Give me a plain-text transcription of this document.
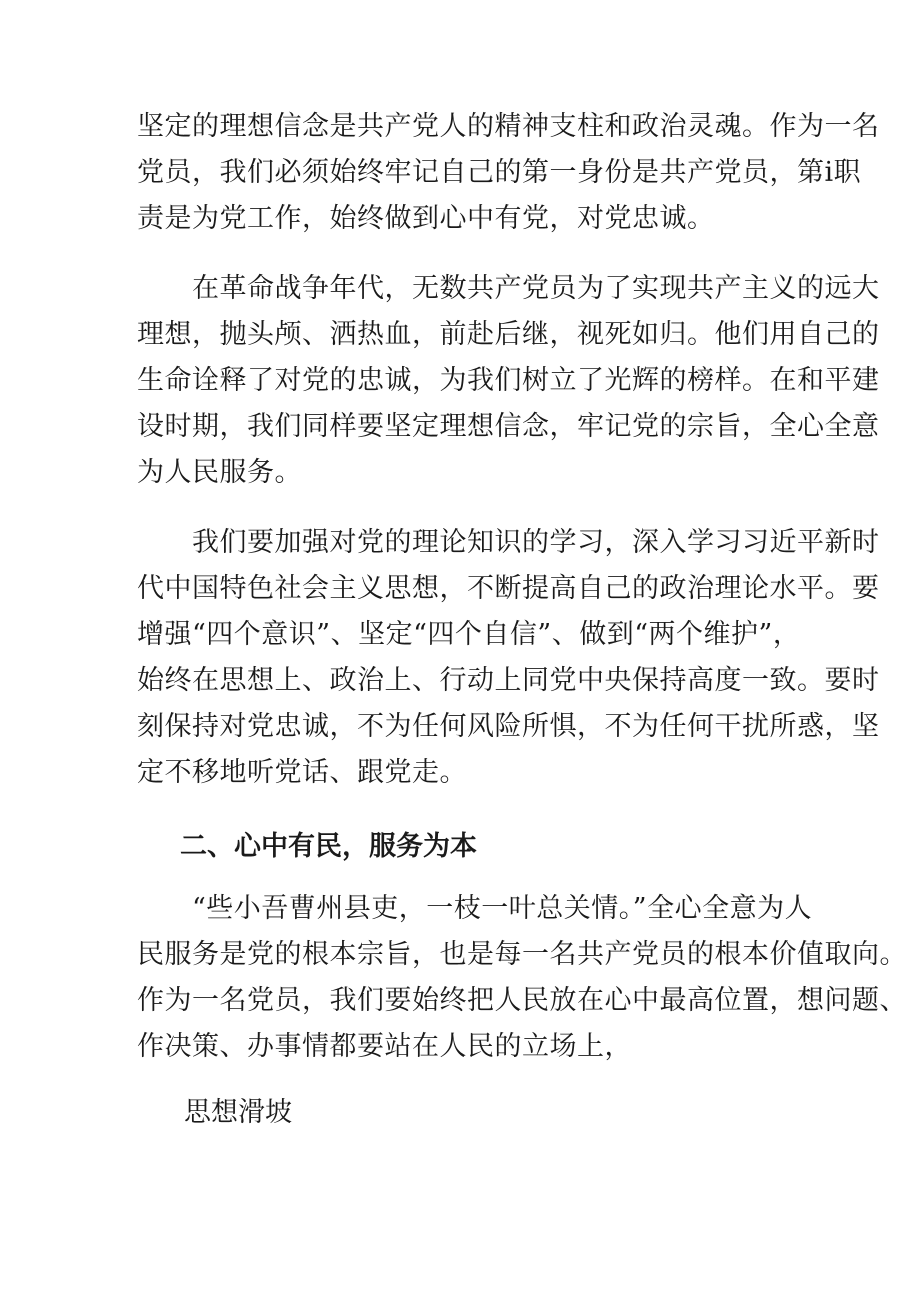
坚定的理想信念是共产党人的精神支柱和政治灵魂。作为一名
党员，我们必须始终牢记自己的第一身份是共产党员，第i职
责是为党工作，始终做到心中有党，对党忠诚。
　　在革命战争年代，无数共产党员为了实现共产主义的远大
理想，抛头颅、洒热血，前赴后继，视死如归。他们用自己的
生命诠释了对党的忠诚，为我们树立了光辉的榜样。在和平建
设时期，我们同样要坚定理想信念，牢记党的宗旨，全心全意
为人民服务。
　　我们要加强对党的理论知识的学习，深入学习习近平新时
代中国特色社会主义思想，不断提高自己的政治理论水平。要
增强“四个意识”、坚定“四个自信”、做到“两个维护”，
始终在思想上、政治上、行动上同党中央保持高度一致。要时
刻保持对党忠诚，不为任何风险所惧，不为任何干扰所惑，坚
定不移地听党话、跟党走。
二、心中有民，服务为本
　　“些小吾曹州县吏，一枝一叶总关情。”全心全意为人
民服务是党的根本宗旨，也是每一名共产党员的根本价值取向。
作为一名党员，我们要始终把人民放在心中最高位置，想问题、
作决策、办事情都要站在人民的立场上，
思想滑坡
